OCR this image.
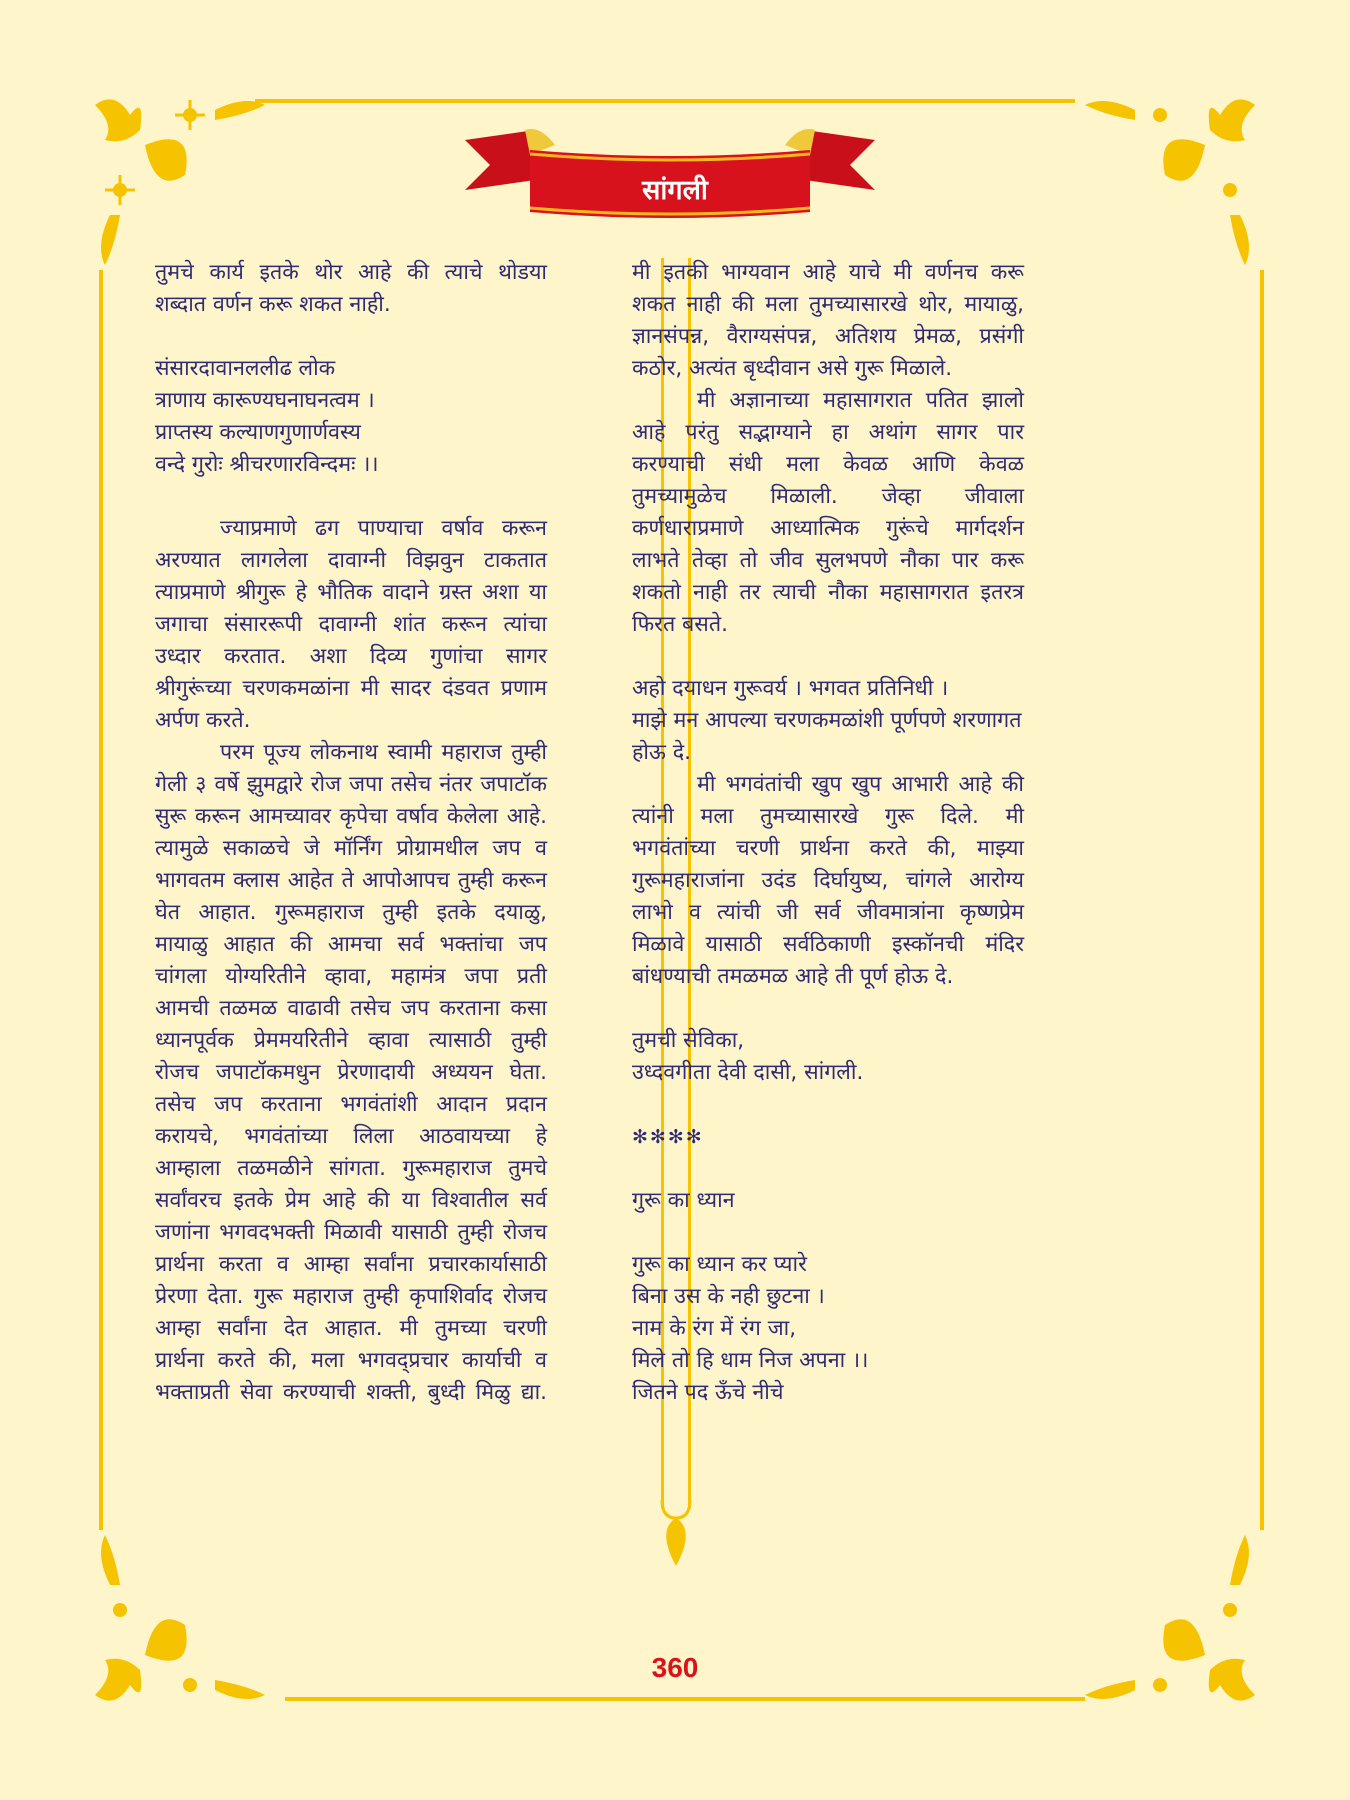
सांगली
तुमचे कार्य इतके थोर आहे की त्याचे थोडया
शब्दात वर्णन करू शकत नाही.
संसारदावानललीढ लोक
त्राणाय कारूण्यघनाघनत्वम ।
प्राप्तस्य कल्याणगुणार्णवस्य
वन्दे गुरोः श्रीचरणारविन्दमः ।।
ज्याप्रमाणे ढग पाण्याचा वर्षाव करून
अरण्यात लागलेला दावाग्नी विझवुन टाकतात
त्याप्रमाणे श्रीगुरू हे भौतिक वादाने ग्रस्त अशा या
जगाचा संसाररूपी दावाग्नी शांत करून त्यांचा
उध्दार करतात. अशा दिव्य गुणांचा सागर
श्रीगुरूंच्या चरणकमळांना मी सादर दंडवत प्रणाम
अर्पण करते.
परम पूज्य लोकनाथ स्वामी महाराज तुम्ही
गेली ३ वर्षे झुमद्वारे रोज जपा तसेच नंतर जपाटॉक
सुरू करून आमच्यावर कृपेचा वर्षाव केलेला आहे.
त्यामुळे सकाळचे जे मॉर्निंग प्रोग्रामधील जप व
भागवतम क्लास आहेत ते आपोआपच तुम्ही करून
घेत आहात. गुरूमहाराज तुम्ही इतके दयाळु,
मायाळु आहात की आमचा सर्व भक्तांचा जप
चांगला योग्यरितीने व्हावा, महामंत्र जपा प्रती
आमची तळमळ वाढावी तसेच जप करताना कसा
ध्यानपूर्वक प्रेममयरितीने व्हावा त्यासाठी तुम्ही
रोजच जपाटॉकमधुन प्रेरणादायी अध्ययन घेता.
तसेच जप करताना भगवंतांशी आदान प्रदान
करायचे, भगवंतांच्या लिला आठवायच्या हे
आम्हाला तळमळीने सांगता. गुरूमहाराज तुमचे
सर्वांवरच इतके प्रेम आहे की या विश्वातील सर्व
जणांना भगवदभक्ती मिळावी यासाठी तुम्ही रोजच
प्रार्थना करता व आम्हा सर्वांना प्रचारकार्यासाठी
प्रेरणा देता. गुरू महाराज तुम्ही कृपाशिर्वाद रोजच
आम्हा सर्वांना देत आहात. मी तुमच्या चरणी
प्रार्थना करते की, मला भगवद्प्रचार कार्याची व
भक्ताप्रती सेवा करण्याची शक्ती, बुध्दी मिळु द्या.
मी इतकी भाग्यवान आहे याचे मी वर्णनच करू
शकत नाही की मला तुमच्यासारखे थोर, मायाळु,
ज्ञानसंपन्न, वैराग्यसंपन्न, अतिशय प्रेमळ, प्रसंगी
कठोर, अत्यंत बृध्दीवान असे गुरू मिळाले.
मी अज्ञानाच्या महासागरात पतित झालो
आहे परंतु सद्भाग्याने हा अथांग सागर पार
करण्याची संधी मला केवळ आणि केवळ
तुमच्यामुळेच मिळाली. जेव्हा जीवाला
कर्णधाराप्रमाणे आध्यात्मिक गुरूंचे मार्गदर्शन
लाभते तेव्हा तो जीव सुलभपणे नौका पार करू
शकतो नाही तर त्याची नौका महासागरात इतरत्र
फिरत बसते.
अहो दयाधन गुरूवर्य । भगवत प्रतिनिधी ।
माझे मन आपल्या चरणकमळांशी पूर्णपणे शरणागत
होऊ दे.
मी भगवंतांची खुप खुप आभारी आहे की
त्यांनी मला तुमच्यासारखे गुरू दिले. मी
भगवंतांच्या चरणी प्रार्थना करते की, माझ्या
गुरूमहाराजांना उदंड दिर्घायुष्य, चांगले आरोग्य
लाभो व त्यांची जी सर्व जीवमात्रांना कृष्णप्रेम
मिळावे यासाठी सर्वठिकाणी इस्कॉनची मंदिर
बांधण्याची तमळमळ आहे ती पूर्ण होऊ दे.
तुमची सेविका,
उध्दवगीता देवी दासी, सांगली.
✻✻✻✻
गुरू का ध्यान
गुरू का ध्यान कर प्यारे
बिना उस के नही छुटना ।
नाम के रंग में रंग जा,
मिले तो हि धाम निज अपना ।।
जितने पद ऊँचे नीचे
360
